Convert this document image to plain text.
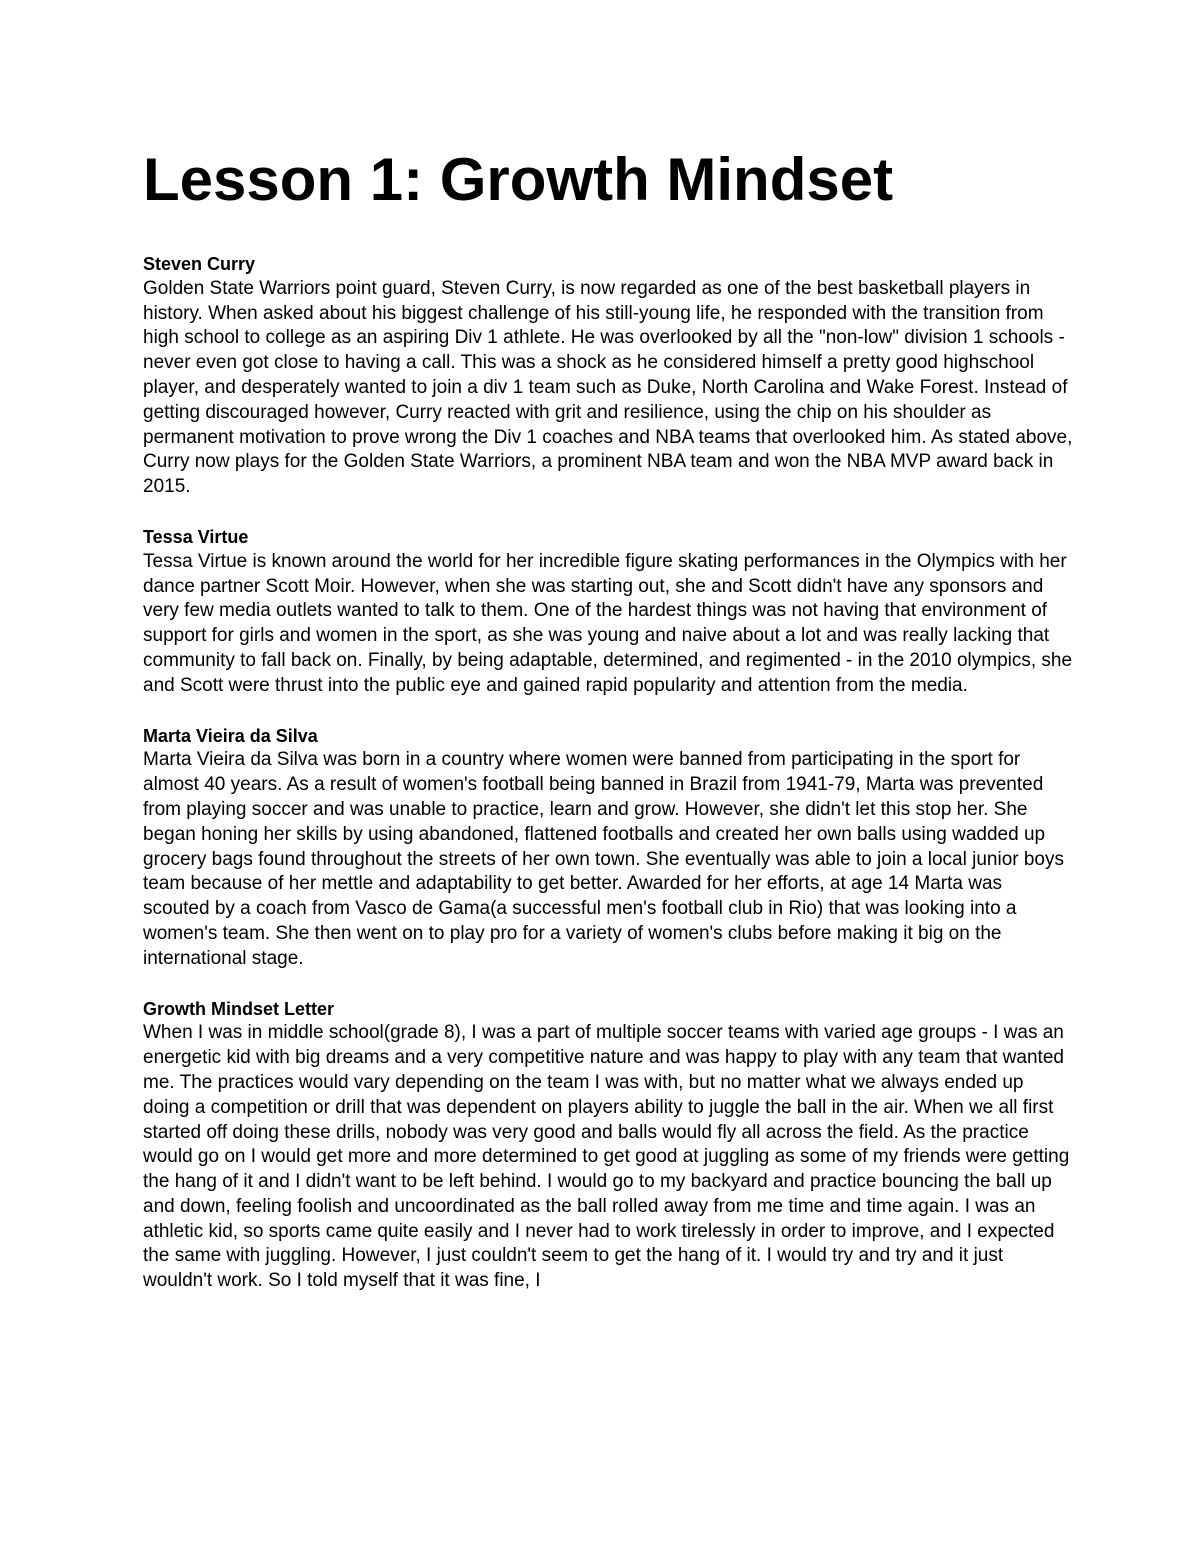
Lesson 1: Growth Mindset

Steven Curry

Golden State Warriors point guard, Steven Curry, is now regarded as one of the best basketball players in history. When asked about his biggest challenge of his still-young life, he responded with the transition from high school to college as an aspiring Div 1 athlete. He was overlooked by all the "non-low" division 1 schools - never even got close to having a call. This was a shock as he considered himself a pretty good highschool player, and desperately wanted to join a div 1 team such as Duke, North Carolina and Wake Forest. Instead of getting discouraged however, Curry reacted with grit and resilience, using the chip on his shoulder as permanent motivation to prove wrong the Div 1 coaches and NBA teams that overlooked him. As stated above, Curry now plays for the Golden State Warriors, a prominent NBA team and won the NBA MVP award back in 2015.

Tessa Virtue

Tessa Virtue is known around the world for her incredible figure skating performances in the Olympics with her dance partner Scott Moir. However, when she was starting out, she and Scott didn't have any sponsors and very few media outlets wanted to talk to them. One of the hardest things was not having that environment of support for girls and women in the sport, as she was young and naive about a lot and was really lacking that community to fall back on. Finally, by being adaptable, determined, and regimented - in the 2010 olympics, she and Scott were thrust into the public eye and gained rapid popularity and attention from the media.

Marta Vieira da Silva

Marta Vieira da Silva was born in a country where women were banned from participating in the sport for almost 40 years. As a result of women's football being banned in Brazil from 1941-79, Marta was prevented from playing soccer and was unable to practice, learn and grow. However, she didn't let this stop her. She began honing her skills by using abandoned, flattened footballs and created her own balls using wadded up grocery bags found throughout the streets of her own town. She eventually was able to join a local junior boys team because of her mettle and adaptability to get better. Awarded for her efforts, at age 14 Marta was scouted by a coach from Vasco de Gama(a successful men's football club in Rio) that was looking into a women's team. She then went on to play pro for a variety of women's clubs before making it big on the international stage.

Growth Mindset Letter

When I was in middle school(grade 8), I was a part of multiple soccer teams with varied age groups - I was an energetic kid with big dreams and a very competitive nature and was happy to play with any team that wanted me. The practices would vary depending on the team I was with, but no matter what we always ended up doing a competition or drill that was dependent on players ability to juggle the ball in the air. When we all first started off doing these drills, nobody was very good and balls would fly all across the field. As the practice would go on I would get more and more determined to get good at juggling as some of my friends were getting the hang of it and I didn't want to be left behind. I would go to my backyard and practice bouncing the ball up and down, feeling foolish and uncoordinated as the ball rolled away from me time and time again. I was an athletic kid, so sports came quite easily and I never had to work tirelessly in order to improve, and I expected the same with juggling. However, I just couldn't seem to get the hang of it. I would try and try and it just wouldn't work. So I told myself that it was fine, I
